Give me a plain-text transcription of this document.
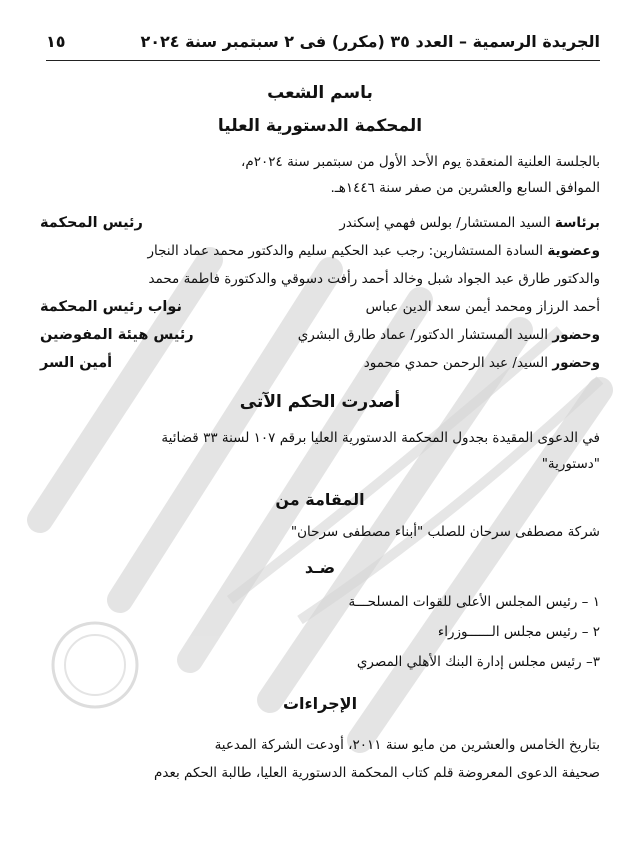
الجريدة الرسمية – العدد ٣٥ (مكرر) فى ٢ سبتمبر سنة ٢٠٢٤
١٥
باسم الشعب
المحكمة الدستورية العليا
بالجلسة العلنية المنعقدة يوم الأحد الأول من سبتمبر سنة ٢٠٢٤م،
الموافق السابع والعشرين من صفر سنة ١٤٤٦هـ.
برئاسة السيد المستشار/ بولس فهمي إسكندر
رئيس المحكمة
وعضوية السادة المستشارين: رجب عبد الحكيم سليم والدكتور محمد عماد النجار
والدكتور طارق عبد الجواد شبل وخالد أحمد رأفت دسوقي والدكتورة فاطمة محمد
أحمد الرزاز ومحمد أيمن سعد الدين عباس
نواب رئيس المحكمة
وحضور السيد المستشار الدكتور/ عماد طارق البشري
رئيس هيئة المفوضين
وحضور السيد/ عبد الرحمن حمدي محمود
أمين السر
أصدرت الحكم الآتى
في الدعوى المقيدة بجدول المحكمة الدستورية العليا برقم ١٠٧ لسنة ٣٣ قضائية
"دستورية"
المقامة من
شركة مصطفى سرحان للصلب "أبناء مصطفى سرحان"
ضـد
١ – رئيس المجلس الأعلى للقوات المسلحـــة
٢ – رئيس مجلس الــــــوزراء
٣– رئيس مجلس إدارة البنك الأهلي المصري
الإجراءات
بتاريخ الخامس والعشرين من مايو سنة ٢٠١١، أودعت الشركة المدعية
صحيفة الدعوى المعروضة قلم كتاب المحكمة الدستورية العليا، طالبة الحكم بعدم
